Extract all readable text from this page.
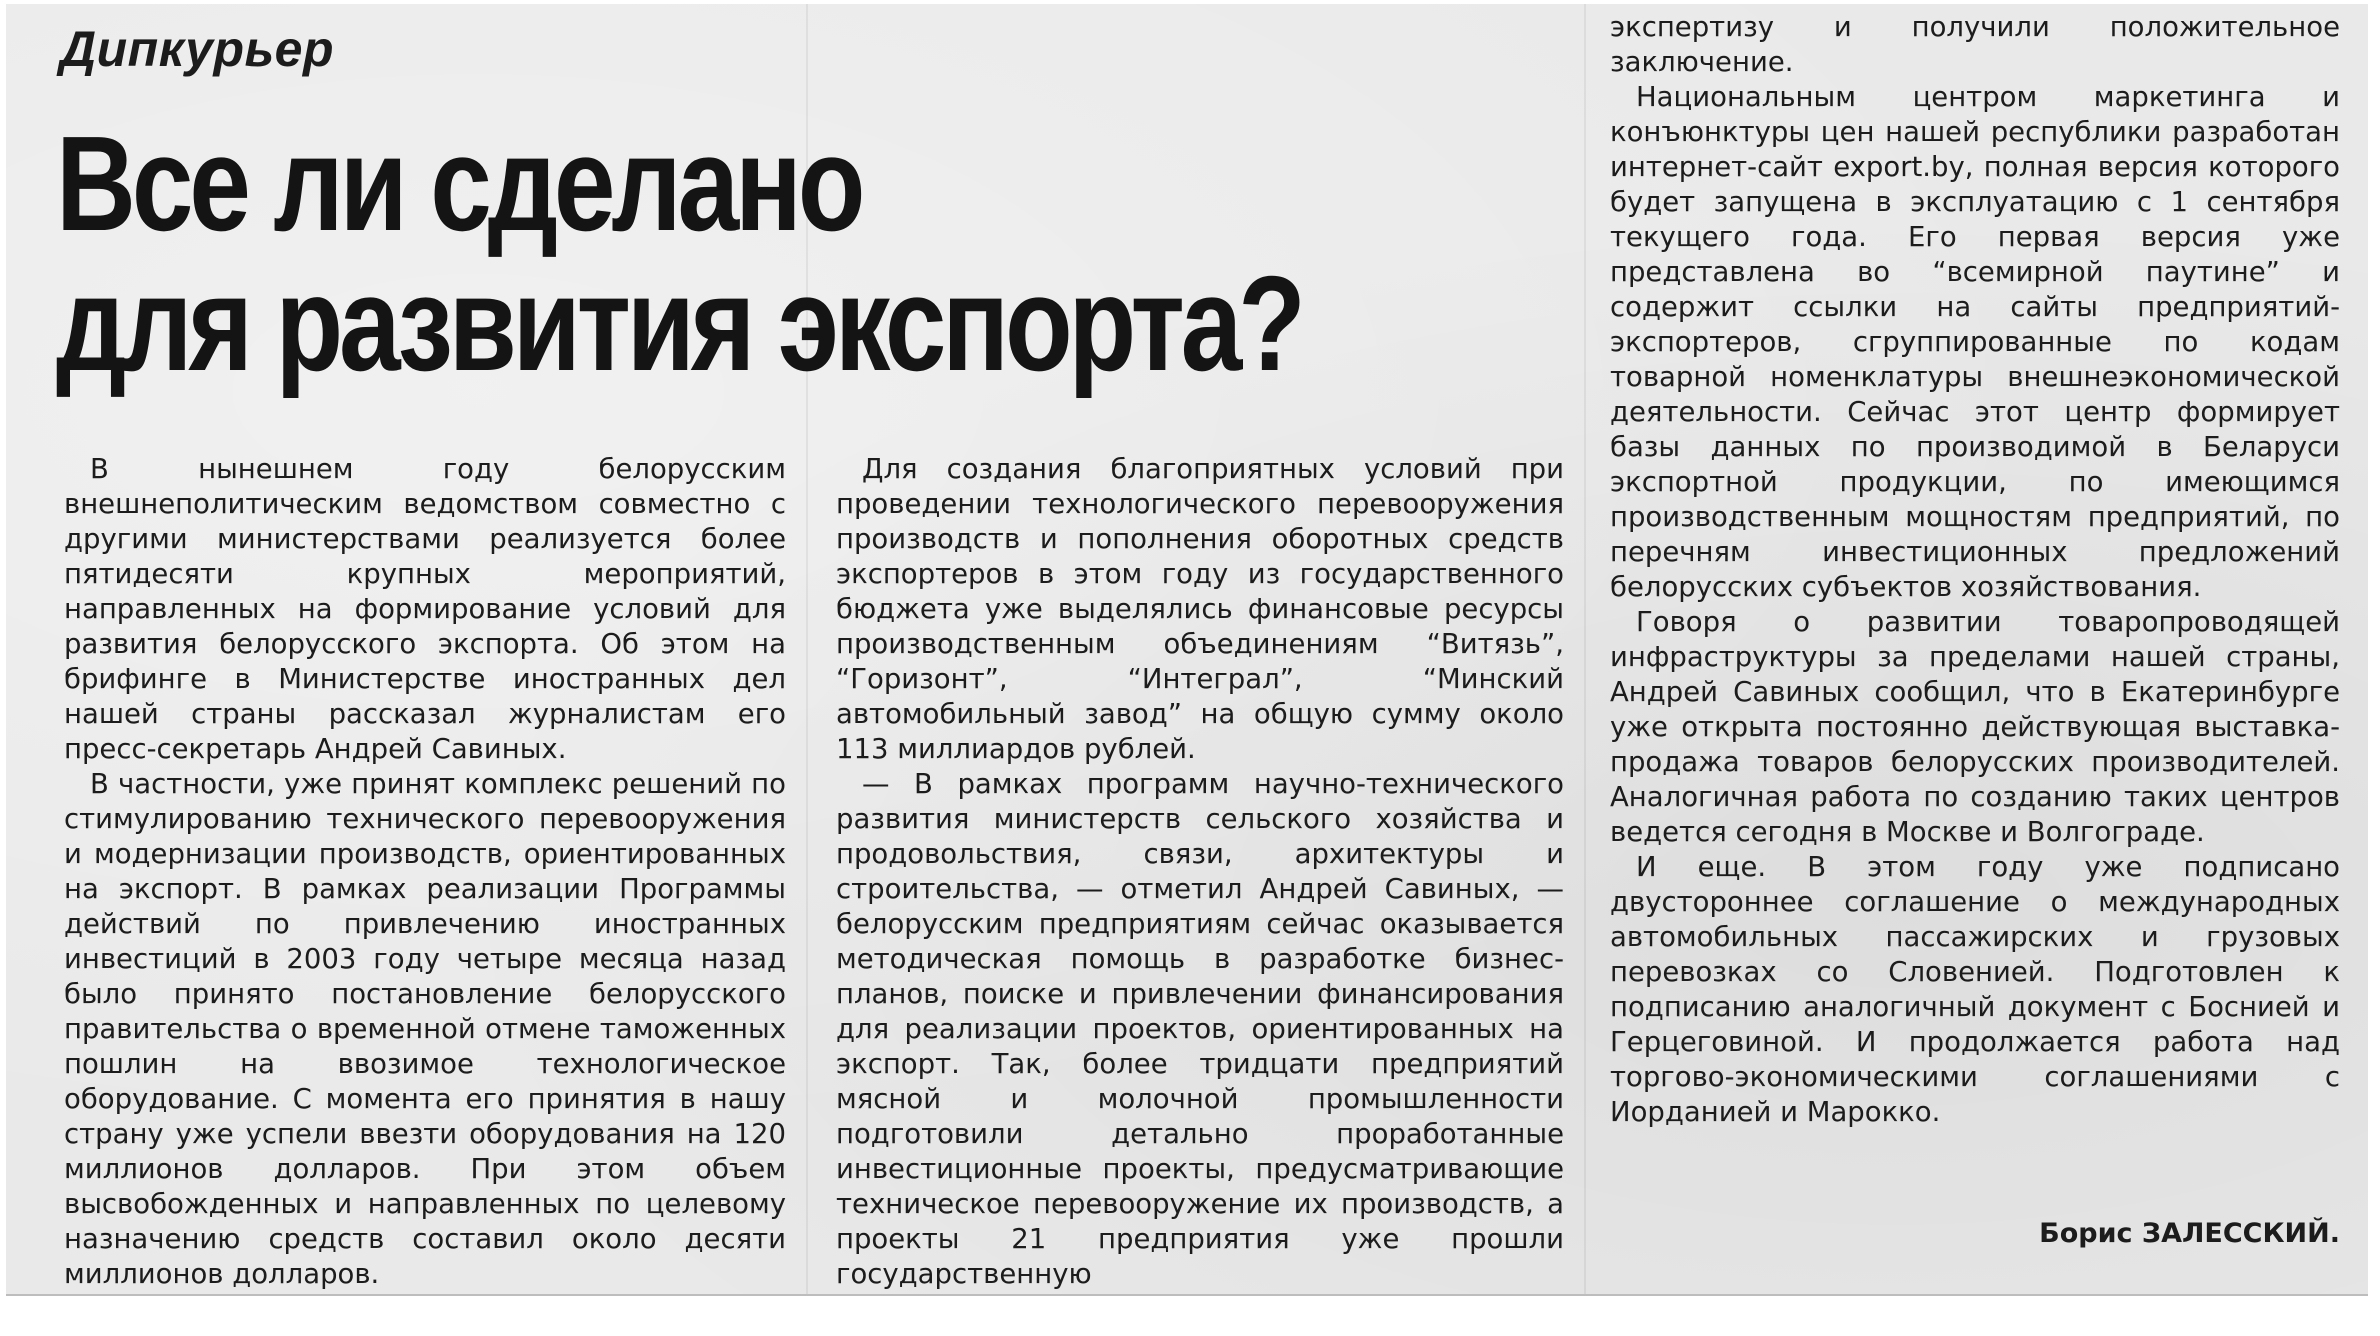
Дипкурьер
Все ли сделано
для развития экспорта?

В нынешнем году белорусским внешнеполитическим ведомством совместно с другими министерствами реализуется более пятидесяти крупных мероприятий, направленных на формирование условий для развития белорусского экспорта. Об этом на брифинге в Министерстве иностранных дел нашей страны рассказал журналистам его пресс-секретарь Андрей Савиных.

В частности, уже принят комплекс решений по стимулированию технического перевооружения и модернизации производств, ориентированных на экспорт. В рамках реализации Программы действий по привлечению иностранных инвестиций в 2003 году четыре месяца назад было принято постановление белорусского правительства о временной отмене таможенных пошлин на ввозимое технологическое оборудование. С момента его принятия в нашу страну уже успели ввезти оборудования на 120 миллионов долларов. При этом объем высвобожденных и направленных по целевому назначению средств составил около десяти миллионов долларов.

Для создания благоприятных условий при проведении технологического перевооружения производств и пополнения оборотных средств экспортеров в этом году из государственного бюджета уже выделялись финансовые ресурсы производственным объединениям “Витязь”, “Горизонт”, “Интеграл”, “Минский автомобильный завод” на общую сумму около 113 миллиардов рублей.

— В рамках программ научно-технического развития министерств сельского хозяйства и продовольствия, связи, архитектуры и строительства, — отметил Андрей Савиных, — белорусским предприятиям сейчас оказывается методическая помощь в разработке бизнес-планов, поиске и привлечении финансирования для реализации проектов, ориентированных на экспорт. Так, более тридцати предприятий мясной и молочной промышленности подготовили детально проработанные инвестиционные проекты, предусматривающие техническое перевооружение их производств, а проекты 21 предприятия уже прошли государственную

экспертизу и получили положительное заключение.

Национальным центром маркетинга и конъюнктуры цен нашей республики разработан интернет-сайт export.by, полная версия которого будет запущена в эксплуатацию с 1 сентября текущего года. Его первая версия уже представлена во “всемирной паутине” и содержит ссылки на сайты предприятий-экспортеров, сгруппированные по кодам товарной номенклатуры внешнеэкономической деятельности. Сейчас этот центр формирует базы данных по производимой в Беларуси экспортной продукции, по имеющимся производственным мощностям предприятий, по перечням инвестиционных предложений белорусских субъектов хозяйствования.

Говоря о развитии товаропроводящей инфраструктуры за пределами нашей страны, Андрей Савиных сообщил, что в Екатеринбурге уже открыта постоянно действующая выставка-продажа товаров белорусских производителей. Аналогичная работа по созданию таких центров ведется сегодня в Москве и Волгограде.

И еще. В этом году уже подписано двустороннее соглашение о международных автомобильных пассажирских и грузовых перевозках со Словенией. Подготовлен к подписанию аналогичный документ с Боснией и Герцеговиной. И продолжается работа над торгово-экономическими соглашениями с Иорданией и Марокко.

Борис ЗАЛЕССКИЙ.
